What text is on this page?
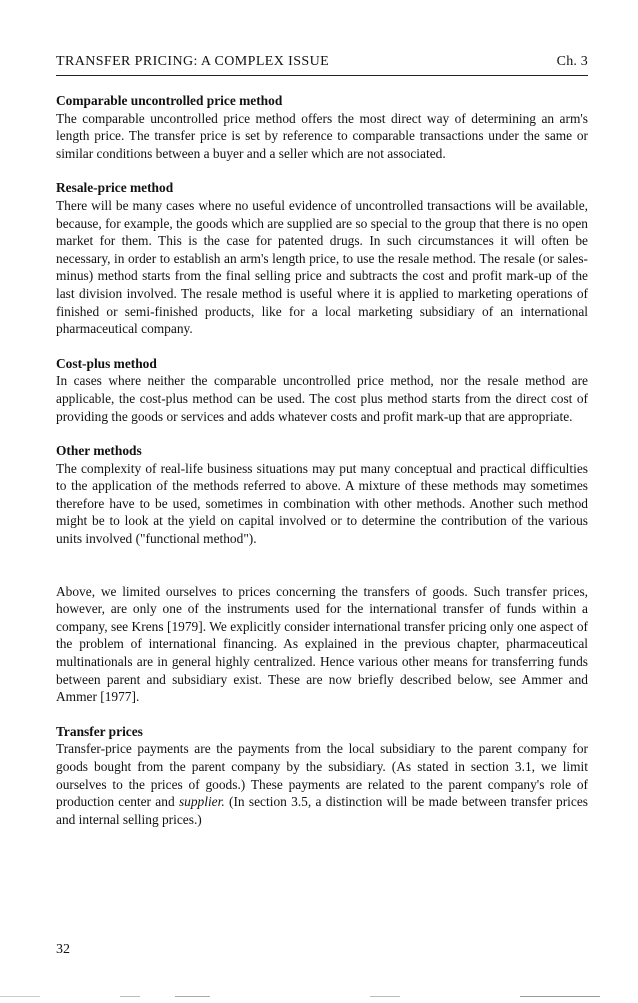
TRANSFER PRICING: A COMPLEX ISSUE	Ch. 3
Comparable uncontrolled price method

The comparable uncontrolled price method offers the most direct way of determining an arm's length price. The transfer price is set by reference to comparable transactions under the same or similar conditions between a buyer and a seller which are not associated.

Resale-price method

There will be many cases where no useful evidence of uncontrolled transactions will be available, because, for example, the goods which are supplied are so special to the group that there is no open market for them. This is the case for patented drugs. In such circumstances it will often be necessary, in order to establish an arm's length price, to use the resale method. The resale (or sales-minus) method starts from the final selling price and subtracts the cost and profit mark-up of the last division involved. The resale method is useful where it is applied to marketing operations of finished or semi-finished products, like for a local marketing subsidiary of an international pharmaceutical company.

Cost-plus method

In cases where neither the comparable uncontrolled price method, nor the resale method are applicable, the cost-plus method can be used. The cost plus method starts from the direct cost of providing the goods or services and adds whatever costs and profit mark-up that are appropriate.

Other methods

The complexity of real-life business situations may put many conceptual and practical difficulties to the application of the methods referred to above. A mixture of these methods may sometimes therefore have to be used, sometimes in combination with other methods. Another such method might be to look at the yield on capital involved or to determine the contribution of the various units involved ("functional method").

Above, we limited ourselves to prices concerning the transfers of goods. Such transfer prices, however, are only one of the instruments used for the international transfer of funds within a company, see Krens [1979]. We explicitly consider international transfer pricing only one aspect of the problem of international financing. As explained in the previous chapter, pharmaceutical multinationals are in general highly centralized. Hence various other means for transferring funds between parent and subsidiary exist. These are now briefly described below, see Ammer and Ammer [1977].

Transfer prices

Transfer-price payments are the payments from the local subsidiary to the parent company for goods bought from the parent company by the subsidiary. (As stated in section 3.1, we limit ourselves to the prices of goods.) These payments are related to the parent company's role of production center and supplier. (In section 3.5, a distinction will be made between transfer prices and internal selling prices.)

32
